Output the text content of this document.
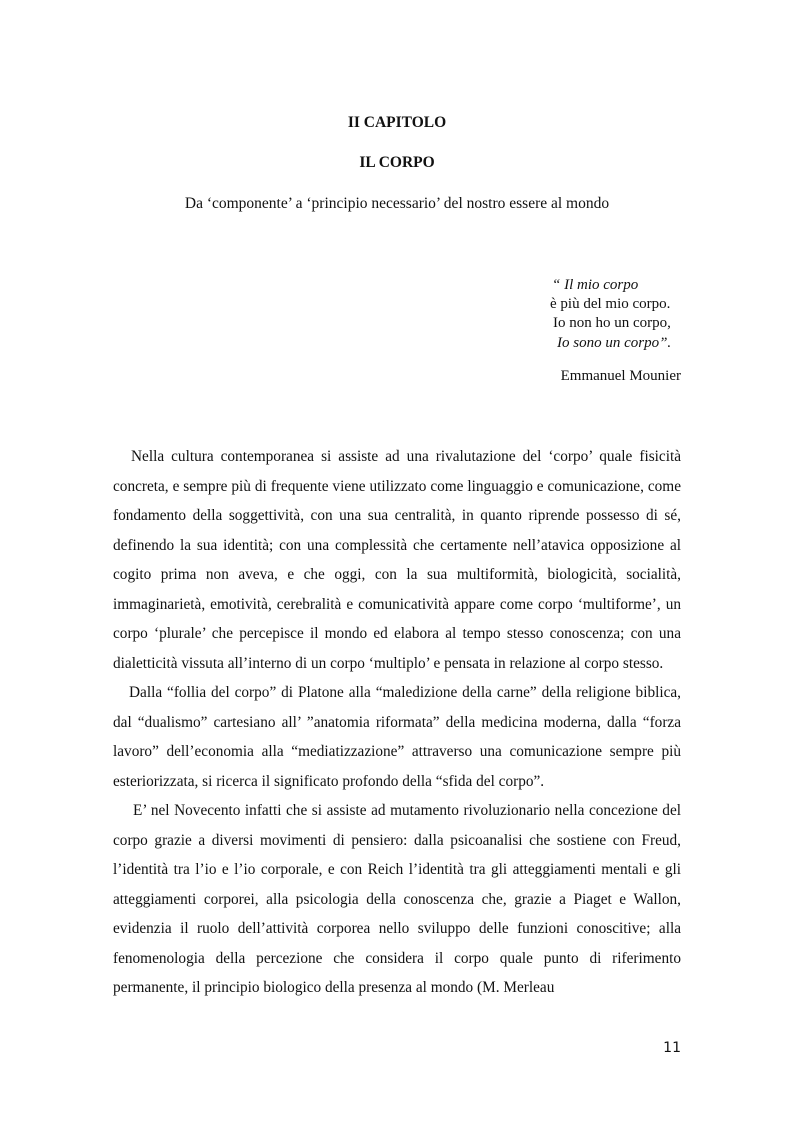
II CAPITOLO
IL CORPO
Da ‘componente’ a ‘principio necessario’ del nostro essere al mondo
“ Il mio corpo
è più del mio corpo.
Io non ho un corpo,
Io sono un corpo”.
Emmanuel Mounier

Nella cultura contemporanea si assiste ad una rivalutazione del ‘corpo’ quale fisicità concreta, e sempre più di frequente viene utilizzato come linguaggio e comunicazione, come fondamento della soggettività, con una sua centralità, in quanto riprende possesso di sé, definendo la sua identità; con una complessità che certamente nell’atavica opposizione al cogito prima non aveva, e che oggi, con la sua multiformità, biologicità, socialità, immaginarietà, emotività, cerebralità e comunicatività appare come corpo ‘multiforme’, un corpo ‘plurale’ che percepisce il mondo ed elabora al tempo stesso conoscenza; con una dialetticità vissuta all’interno di un corpo ‘multiplo’ e pensata in relazione al corpo stesso.

Dalla “follia del corpo” di Platone alla “maledizione della carne” della religione biblica, dal “dualismo” cartesiano all’ ”anatomia riformata” della medicina moderna, dalla “forza lavoro” dell’economia alla “mediatizzazione” attraverso una comunicazione sempre più esteriorizzata, si ricerca il significato profondo della “sfida del corpo”.

E’ nel Novecento infatti che si assiste ad mutamento rivoluzionario nella concezione del corpo grazie a diversi movimenti di pensiero: dalla psicoanalisi che sostiene con Freud, l’identità tra l’io e l’io corporale, e con Reich l’identità tra gli atteggiamenti mentali e gli atteggiamenti corporei, alla psicologia della conoscenza che, grazie a Piaget e Wallon, evidenzia il ruolo dell’attività corporea nello sviluppo delle funzioni conoscitive; alla fenomenologia della percezione che considera il corpo quale punto di riferimento permanente, il principio biologico della presenza al mondo (M. Merleau

11
